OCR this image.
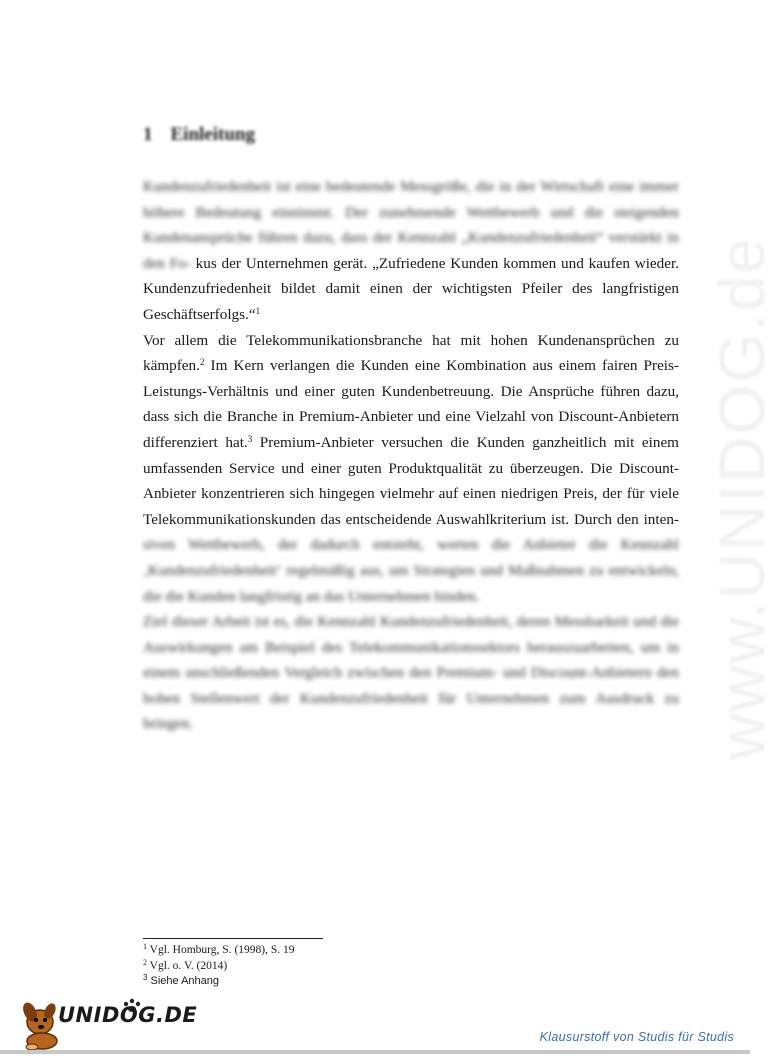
www.UNIDOG.de
1 Einleitung

Kundenzufriedenheit ist eine bedeutende Messgröße, die in der Wirtschaft eine immer höhere Bedeutung einnimmt. Der zunehmende Wettbewerb und die steigenden Kundenansprüche führen dazu, dass der Kennzahl „Kundenzufriedenheit“ verstärkt in den Fo- kus der Unternehmen gerät. „Zufriedene Kunden kommen und kaufen wieder. Kundenzufriedenheit bildet damit einen der wichtigsten Pfeiler des langfristigen Geschäftserfolgs.“$^1$

Vor allem die Telekommunikationsbranche hat mit hohen Kundenansprüchen zu kämpfen.$^2$ Im Kern verlangen die Kunden eine Kombination aus einem fairen Preis-Leistungs-Verhältnis und einer guten Kundenbetreuung. Die Ansprüche führen dazu, dass sich die Branche in Premium-Anbieter und eine Vielzahl von Discount-Anbietern differenziert hat.$^3$ Premium-Anbieter versuchen die Kunden ganzheitlich mit einem umfassenden Service und einer guten Produktqualität zu überzeugen. Die Discount-Anbieter konzentrieren sich hingegen vielmehr auf einen niedrigen Preis, der für viele Telekommunikationskunden das entscheidende Auswahlkriterium ist. Durch den inten- siven Wettbewerb, der dadurch entsteht, werten die Anbieter die Kennzahl ‚Kundenzufriedenheit‘ regelmäßig aus, um Strategien und Maßnahmen zu entwickeln, die die Kunden langfristig an das Unternehmen binden.

Ziel dieser Arbeit ist es, die Kennzahl Kundenzufriedenheit, deren Messbarkeit und die Auswirkungen am Beispiel des Telekommunikationssektors herauszuarbeiten, um in einem anschließenden Vergleich zwischen den Premium- und Discount-Anbietern den hohen Stellenwert der Kundenzufriedenheit für Unternehmen zum Ausdruck zu bringen.

$^1$ Vgl. Homburg, S. (1998), S. 19
$^2$ Vgl. o. V. (2014)
$^3$ Siehe Anhang
UNIDOG.DE
Klausurstoff von Studis für Studis
